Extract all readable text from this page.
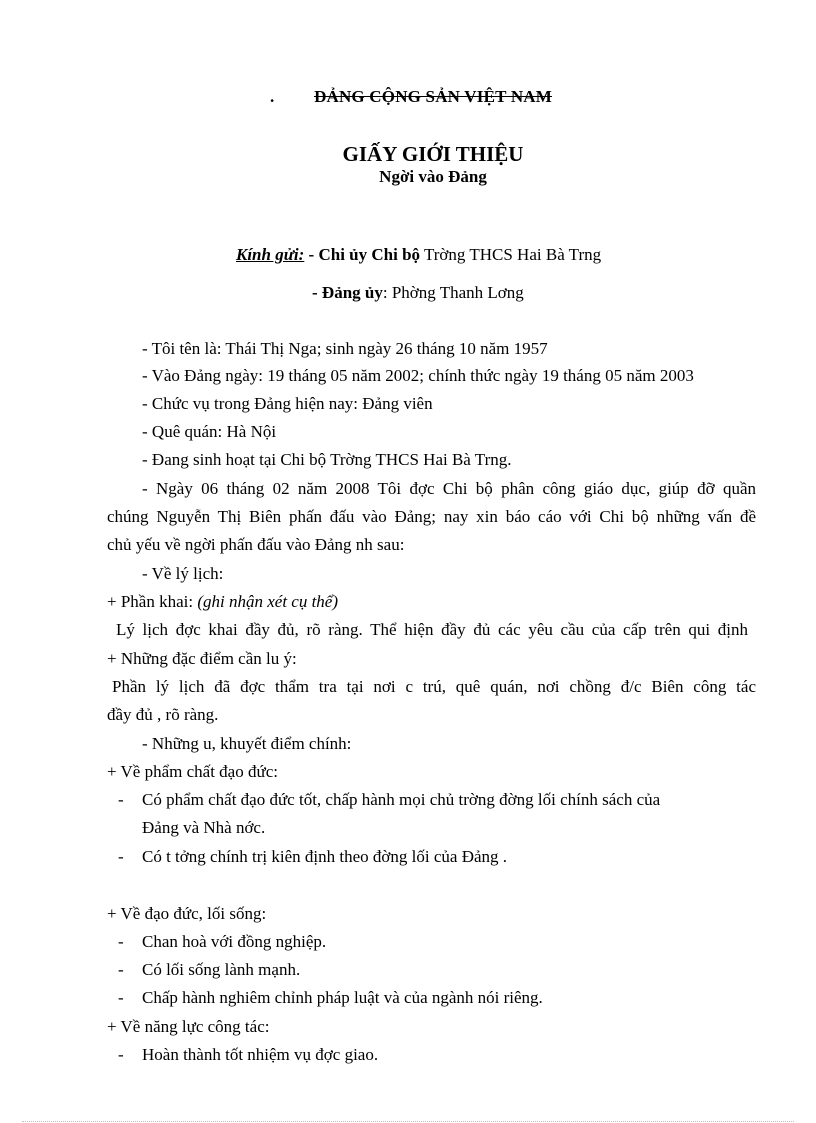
. ĐẢNG CỘNG SẢN VIỆT NAM
GIẤY GIỚI THIỆU
Ngời vào Đảng
Kính gửi: - Chi ủy Chi bộ Trờng THCS Hai Bà Trng
- Đảng ủy: Phờng Thanh Lơng
- Tôi tên là: Thái Thị Nga; sinh ngày 26 tháng 10 năm 1957
- Vào Đảng ngày: 19 tháng 05 năm 2002; chính thức ngày 19 tháng 05 năm 2003
- Chức vụ trong Đảng hiện nay: Đảng viên
- Quê quán: Hà Nội
- Đang sinh hoạt tại Chi bộ Trờng THCS Hai Bà Trng.
- Ngày 06 tháng 02 năm 2008 Tôi đợc Chi bộ phân công giáo dục, giúp đỡ quần
chúng Nguyễn Thị Biên phấn đấu vào Đảng; nay xin báo cáo với Chi bộ những vấn đề
chủ yếu về ngời phấn đấu vào Đảng nh sau:
- Về lý lịch:
+ Phần khai: (ghi nhận xét cụ thể)
Lý lịch đợc khai đầy đủ, rõ ràng. Thể hiện đầy đủ các yêu cầu của cấp trên qui định
+ Những đặc điểm cần lu ý:
Phần lý lịch đã đợc thẩm tra tại nơi c trú, quê quán, nơi chồng đ/c Biên công tác
đầy đủ , rõ ràng.
- Những u, khuyết điểm chính:
+ Về phẩm chất đạo đức:
- Có phẩm chất đạo đức tốt, chấp hành mọi chủ trờng đờng lối chính sách của
Đảng và Nhà nớc.
- Có t tởng chính trị kiên định theo đờng lối của Đảng .
+ Về đạo đức, lối sống:
- Chan hoà với đồng nghiệp.
- Có lối sống lành mạnh.
- Chấp hành nghiêm chỉnh pháp luật và của ngành nói riêng.
+ Về năng lực công tác:
- Hoàn thành tốt nhiệm vụ đợc giao.
